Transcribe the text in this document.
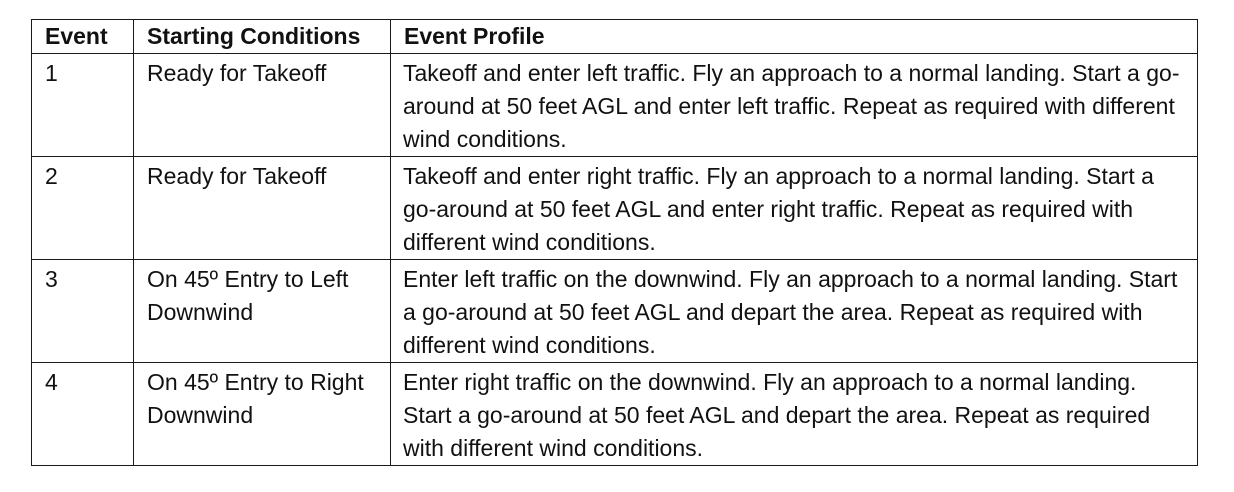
Event	Starting Conditions	Event Profile
1	Ready for Takeoff	Takeoff and enter left traffic. Fly an approach to a normal landing. Start a go-around at 50 feet AGL and enter left traffic. Repeat as required with different wind conditions.
2	Ready for Takeoff	Takeoff and enter right traffic. Fly an approach to a normal landing. Start a go-around at 50 feet AGL and enter right traffic. Repeat as required with different wind conditions.
3	On 45º Entry to Left Downwind	Enter left traffic on the downwind. Fly an approach to a normal landing. Start a go-around at 50 feet AGL and depart the area. Repeat as required with different wind conditions.
4	On 45º Entry to Right Downwind	Enter right traffic on the downwind. Fly an approach to a normal landing. Start a go-around at 50 feet AGL and depart the area. Repeat as required with different wind conditions.
